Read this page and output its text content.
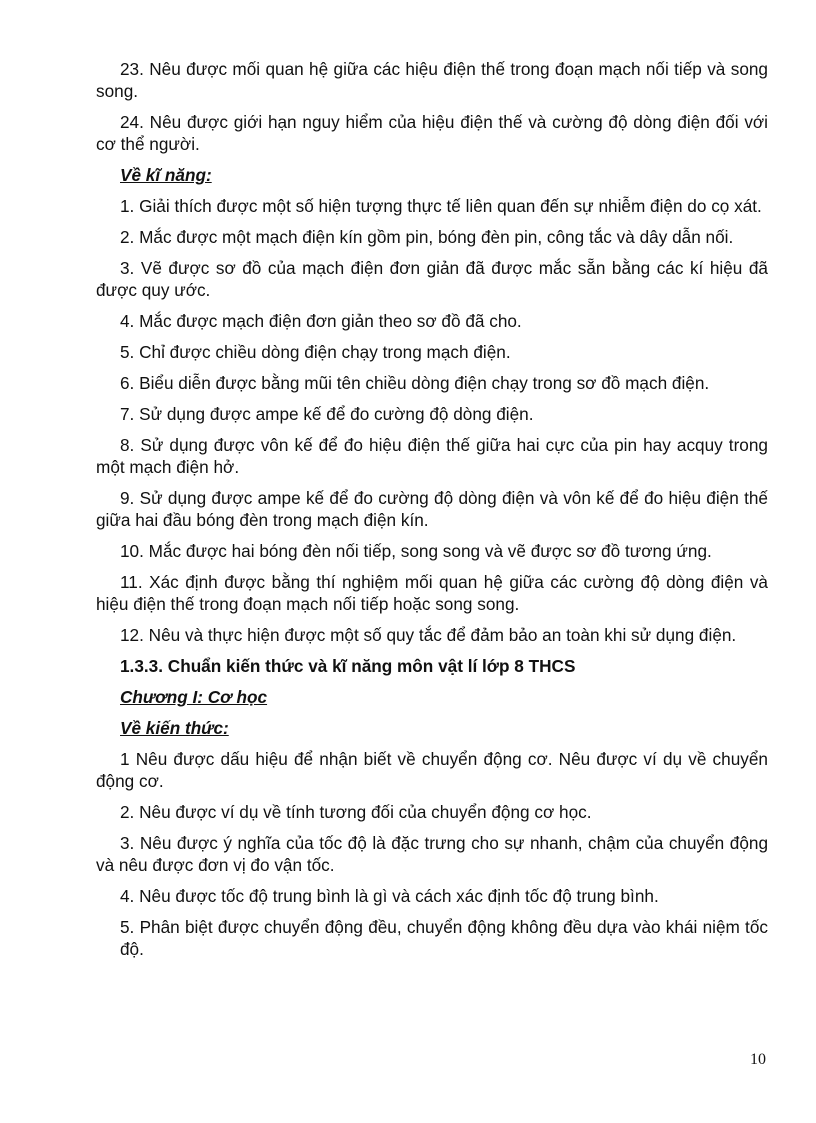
23. Nêu được mối quan hệ giữa các hiệu điện thế trong đoạn mạch nối tiếp và song song.

24. Nêu được giới hạn nguy hiểm của hiệu điện thế và cường độ dòng điện đối với cơ thể người.

Về kĩ năng:

1. Giải thích được một số hiện tượng thực tế liên quan đến sự nhiễm điện do cọ xát.

2. Mắc được một mạch điện kín gồm pin, bóng đèn pin, công tắc và dây dẫn nối.

3. Vẽ được sơ đồ của mạch điện đơn giản đã được mắc sẵn bằng các kí hiệu đã được quy ước.

4. Mắc được mạch điện đơn giản theo sơ đồ đã cho.

5. Chỉ được chiều dòng điện chạy trong mạch điện.

6. Biểu diễn được bằng mũi tên chiều dòng điện chạy trong sơ đồ mạch điện.

7. Sử dụng được ampe kế để đo cường độ dòng điện.

8. Sử dụng được vôn kế để đo hiệu điện thế giữa hai cực của pin hay acquy trong một mạch điện hở.

9. Sử dụng được ampe kế để đo cường độ dòng điện và vôn kế để đo hiệu điện thế giữa hai đầu bóng đèn trong mạch điện kín.

10. Mắc được hai bóng đèn nối tiếp, song song và vẽ được sơ đồ tương ứng.

11. Xác định được bằng thí nghiệm mối quan hệ giữa các cường độ dòng điện và hiệu điện thế trong đoạn mạch nối tiếp hoặc song song.

12. Nêu và thực hiện được một số quy tắc để đảm bảo an toàn khi sử dụng điện.

1.3.3. Chuẩn kiến thức và kĩ năng môn vật lí lớp 8 THCS

Chương I: Cơ học

Về kiến thức:

1 Nêu được dấu hiệu để nhận biết về chuyển động cơ. Nêu được ví dụ về chuyển động cơ.

2. Nêu được ví dụ về tính tương đối của chuyển động cơ học.

3. Nêu được ý nghĩa của tốc độ là đặc trưng cho sự nhanh, chậm của chuyển động và nêu được đơn vị đo vận tốc.

4. Nêu được tốc độ trung bình là gì và cách xác định tốc độ trung bình.

5. Phân biệt được chuyển động đều, chuyển động không đều dựa vào khái niệm tốc độ.

10
